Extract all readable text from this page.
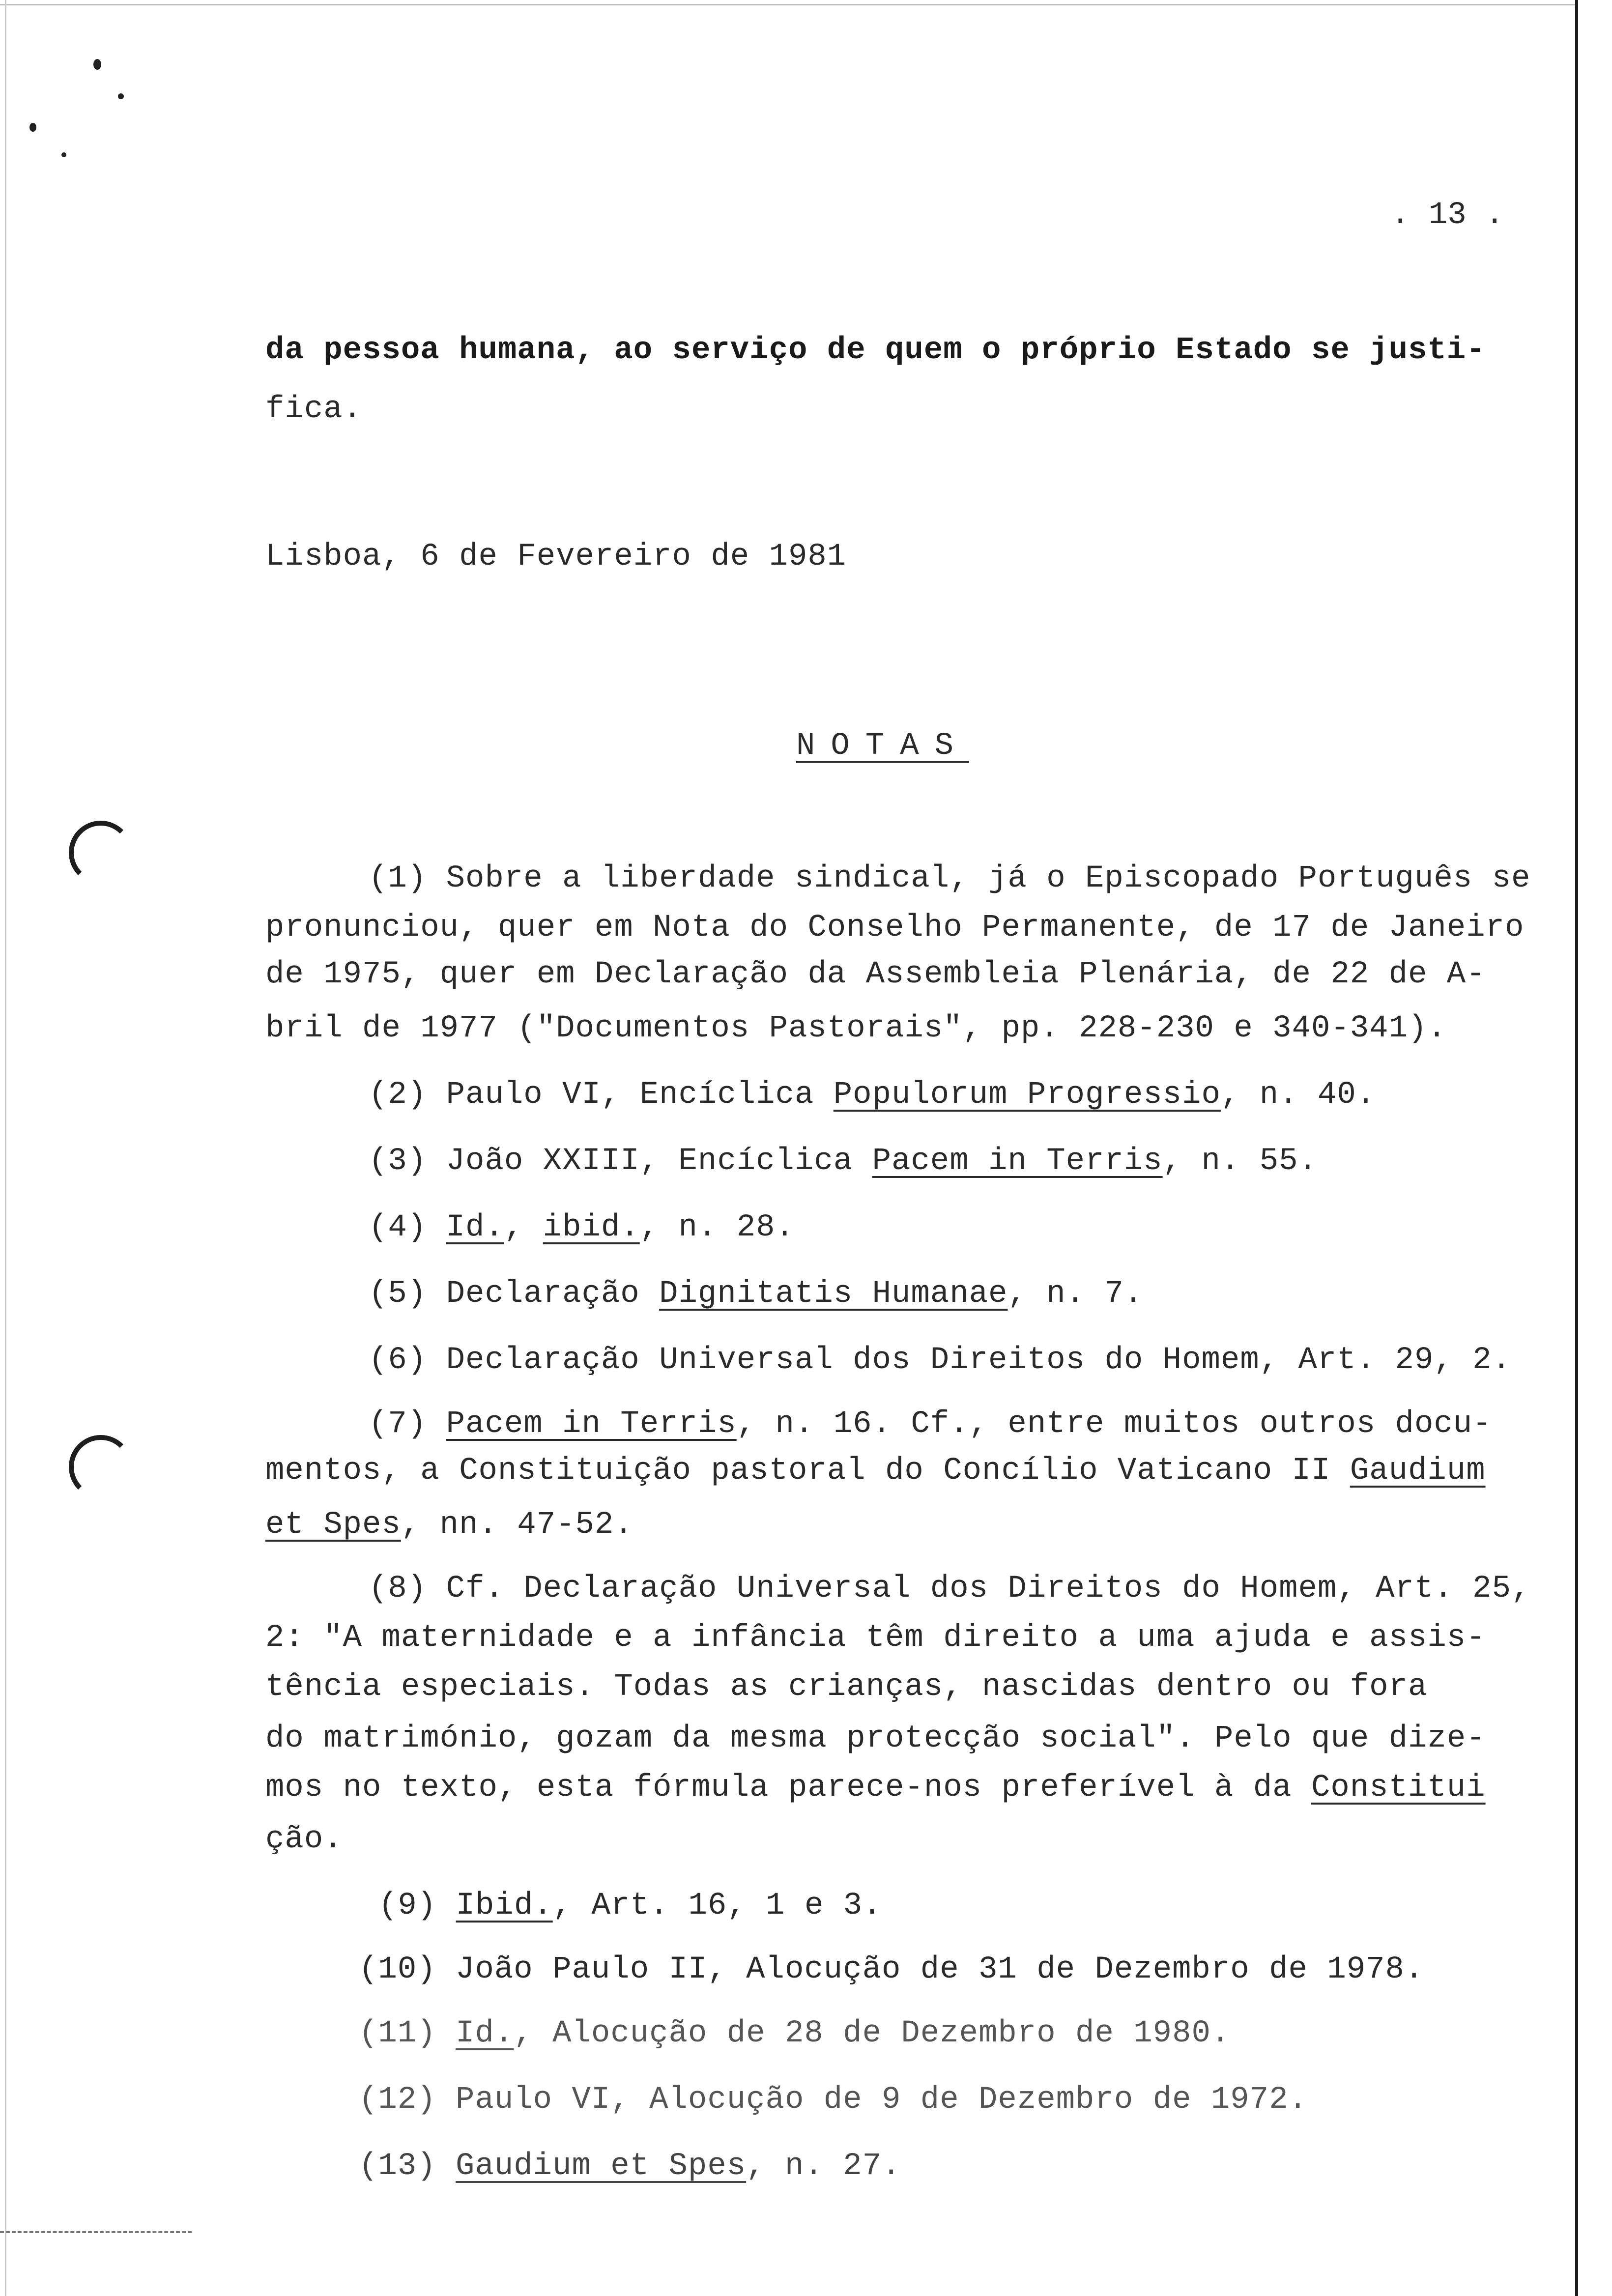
. 13 .
da pessoa humana, ao serviço de quem o próprio Estado se justi-
fica.
Lisboa, 6 de Fevereiro de 1981
NOTAS
(1) Sobre a liberdade sindical, já o Episcopado Português se
pronunciou, quer em Nota do Conselho Permanente, de 17 de Janeiro
de 1975, quer em Declaração da Assembleia Plenária, de 22 de A-
bril de 1977 ("Documentos Pastorais", pp. 228-230 e 340-341).
(2) Paulo VI, Encíclica Populorum Progressio, n. 40.
(3) João XXIII, Encíclica Pacem in Terris, n. 55.
(4) Id., ibid., n. 28.
(5) Declaração Dignitatis Humanae, n. 7.
(6) Declaração Universal dos Direitos do Homem, Art. 29, 2.
(7) Pacem in Terris, n. 16. Cf., entre muitos outros docu-
mentos, a Constituição pastoral do Concílio Vaticano II Gaudium
et Spes, nn. 47-52.
(8) Cf. Declaração Universal dos Direitos do Homem, Art. 25,
2: "A maternidade e a infância têm direito a uma ajuda e assis-
tência especiais. Todas as crianças, nascidas dentro ou fora
do matrimónio, gozam da mesma protecção social". Pelo que dize-
mos no texto, esta fórmula parece-nos preferível à da Constitui
ção.
(9) Ibid., Art. 16, 1 e 3.
(10) João Paulo II, Alocução de 31 de Dezembro de 1978.
(11) Id., Alocução de 28 de Dezembro de 1980.
(12) Paulo VI, Alocução de 9 de Dezembro de 1972.
(13) Gaudium et Spes, n. 27.
